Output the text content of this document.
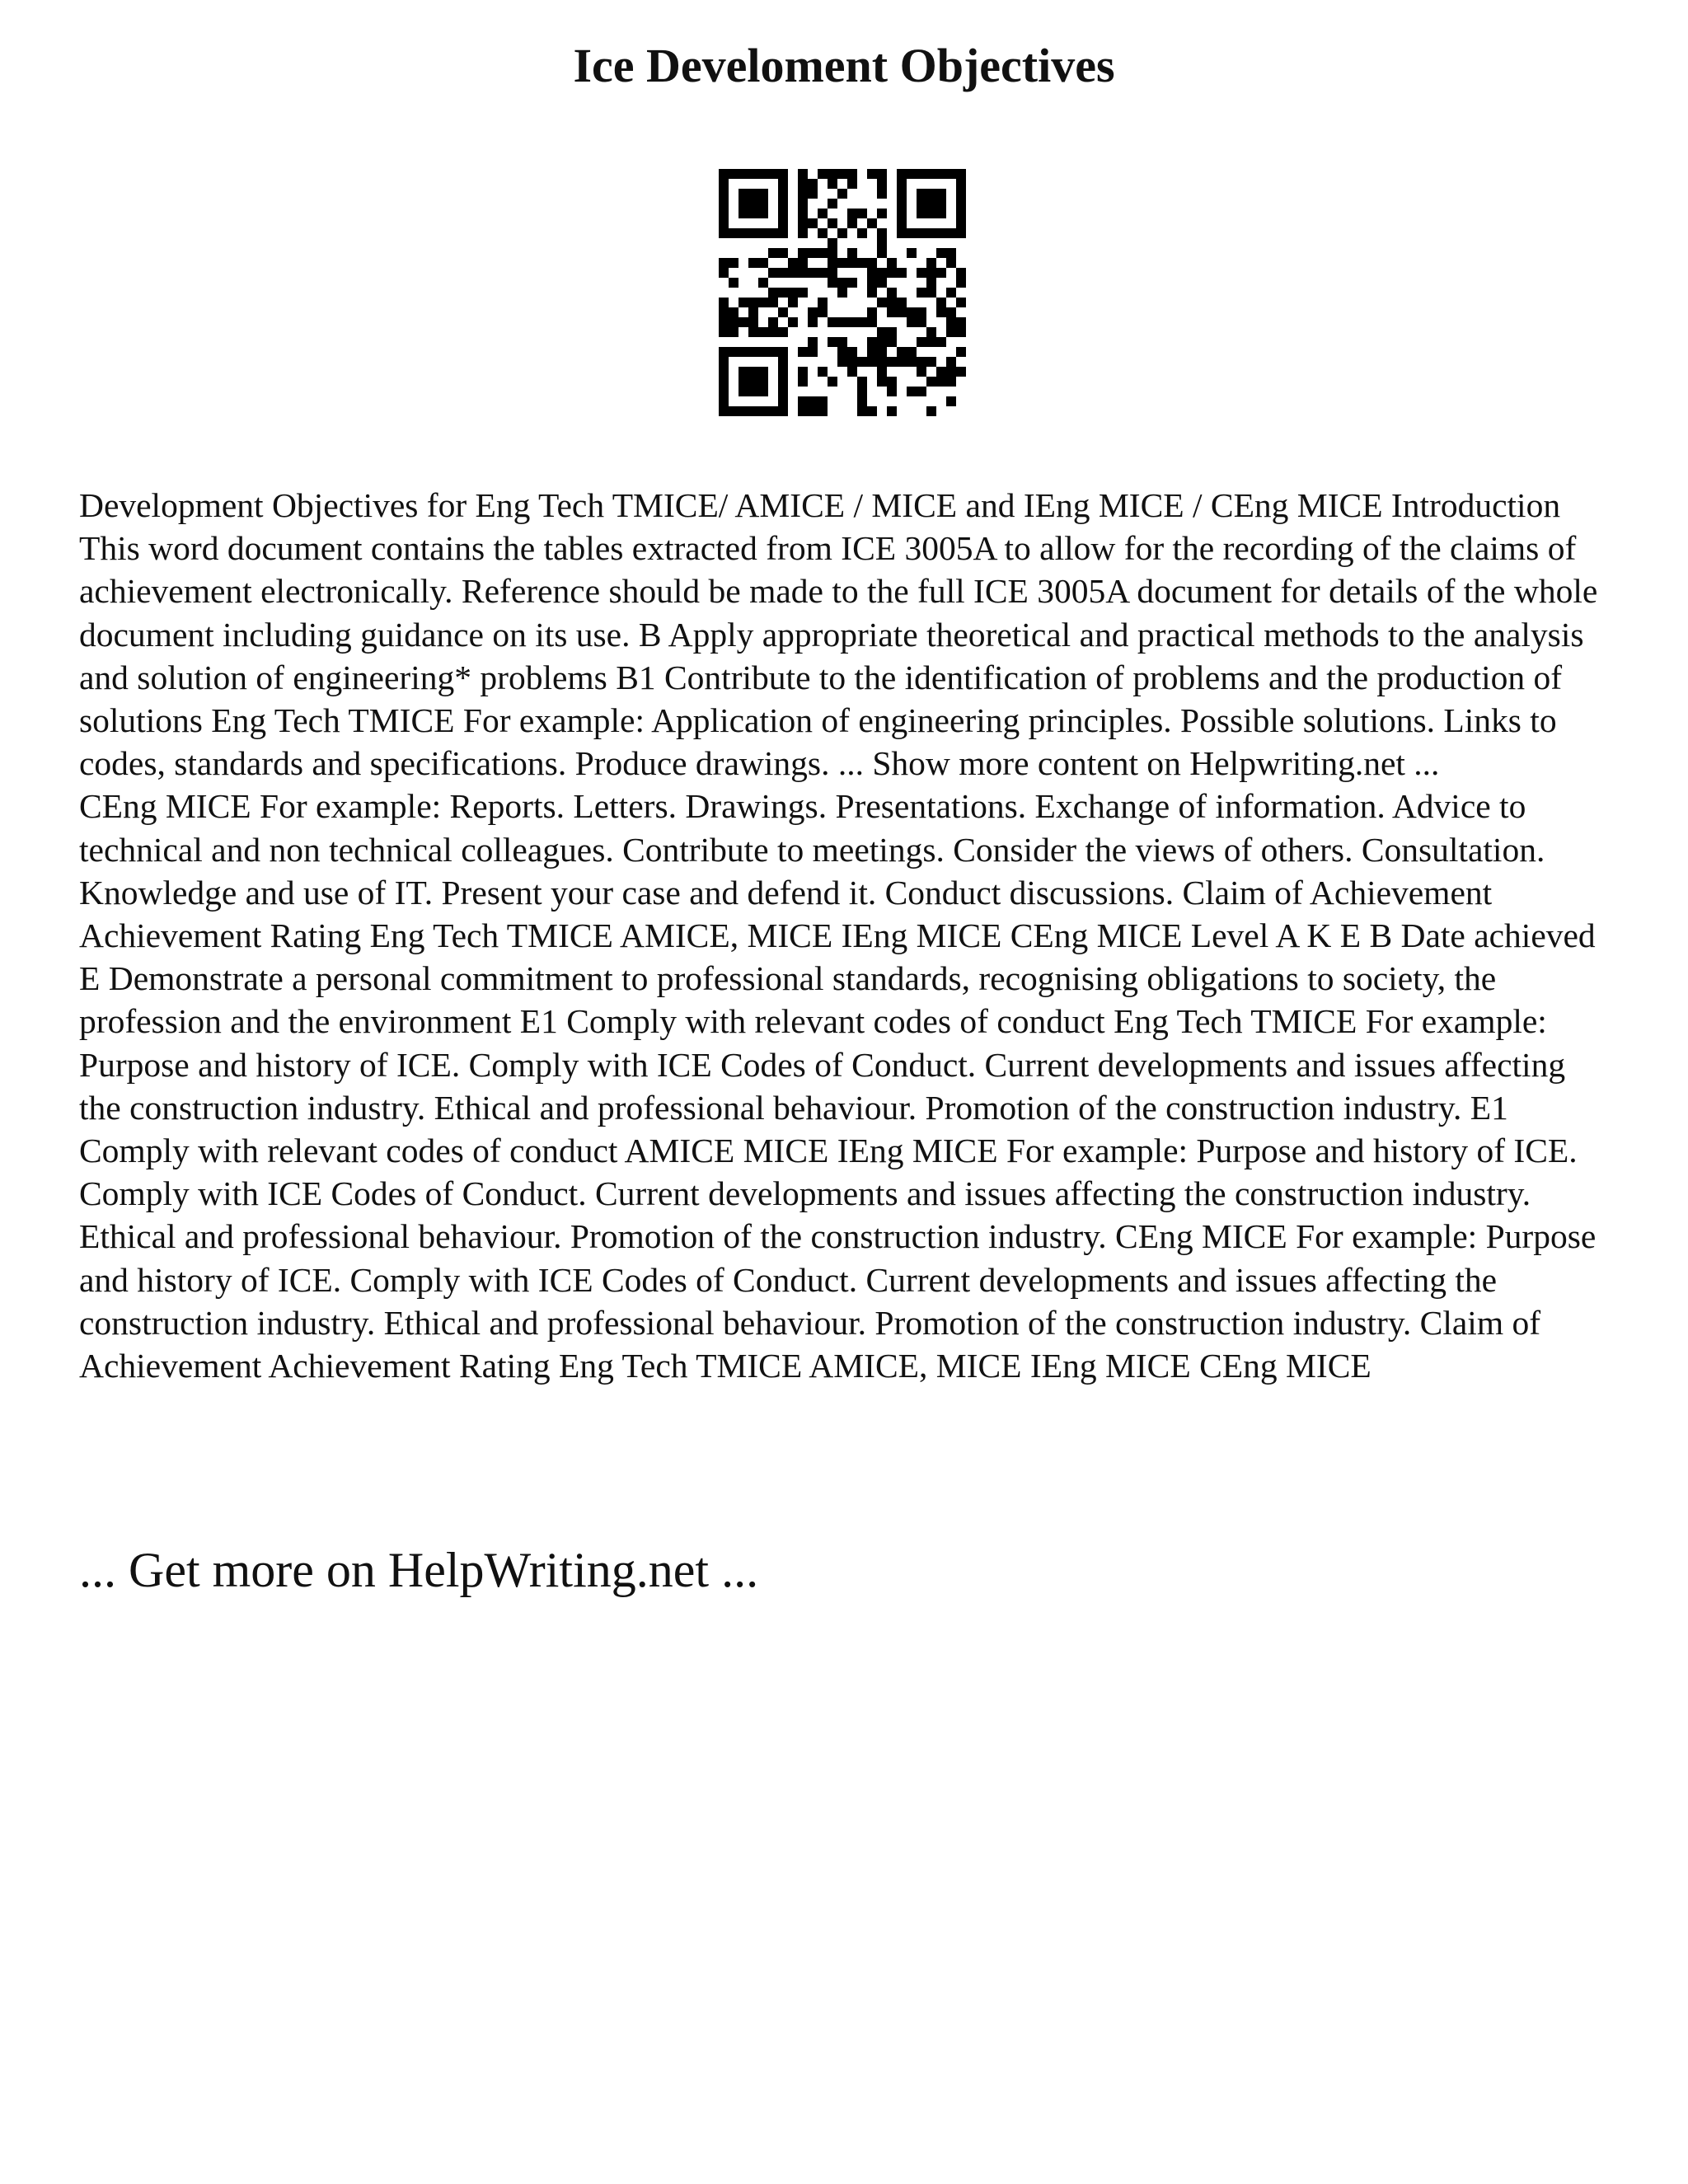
Ice Develoment Objectives

Development Objectives for Eng Tech TMICE/ AMICE / MICE and IEng MICE / CEng MICE Introduction This word document contains the tables extracted from ICE 3005A to allow for the recording of the claims of achievement electronically. Reference should be made to the full ICE 3005A document for details of the whole document including guidance on its use. B Apply appropriate theoretical and practical methods to the analysis and solution of engineering* problems B1 Contribute to the identification of problems and the production of solutions Eng Tech TMICE For example: Application of engineering principles. Possible solutions. Links to codes, standards and specifications. Produce drawings. ... Show more content on Helpwriting.net ...

CEng MICE For example: Reports. Letters. Drawings. Presentations. Exchange of information. Advice to technical and non technical colleagues. Contribute to meetings. Consider the views of others. Consultation. Knowledge and use of IT. Present your case and defend it. Conduct discussions. Claim of Achievement Achievement Rating Eng Tech TMICE AMICE, MICE IEng MICE CEng MICE Level A K E B Date achieved E Demonstrate a personal commitment to professional standards, recognising obligations to society, the profession and the environment E1 Comply with relevant codes of conduct Eng Tech TMICE For example: Purpose and history of ICE. Comply with ICE Codes of Conduct. Current developments and issues affecting the construction industry. Ethical and professional behaviour. Promotion of the construction industry. E1 Comply with relevant codes of conduct AMICE MICE IEng MICE For example: Purpose and history of ICE. Comply with ICE Codes of Conduct. Current developments and issues affecting the construction industry. Ethical and professional behaviour. Promotion of the construction industry. CEng MICE For example: Purpose and history of ICE. Comply with ICE Codes of Conduct. Current developments and issues affecting the construction industry. Ethical and professional behaviour. Promotion of the construction industry. Claim of Achievement Achievement Rating Eng Tech TMICE AMICE, MICE IEng MICE CEng MICE

... Get more on HelpWriting.net ...
